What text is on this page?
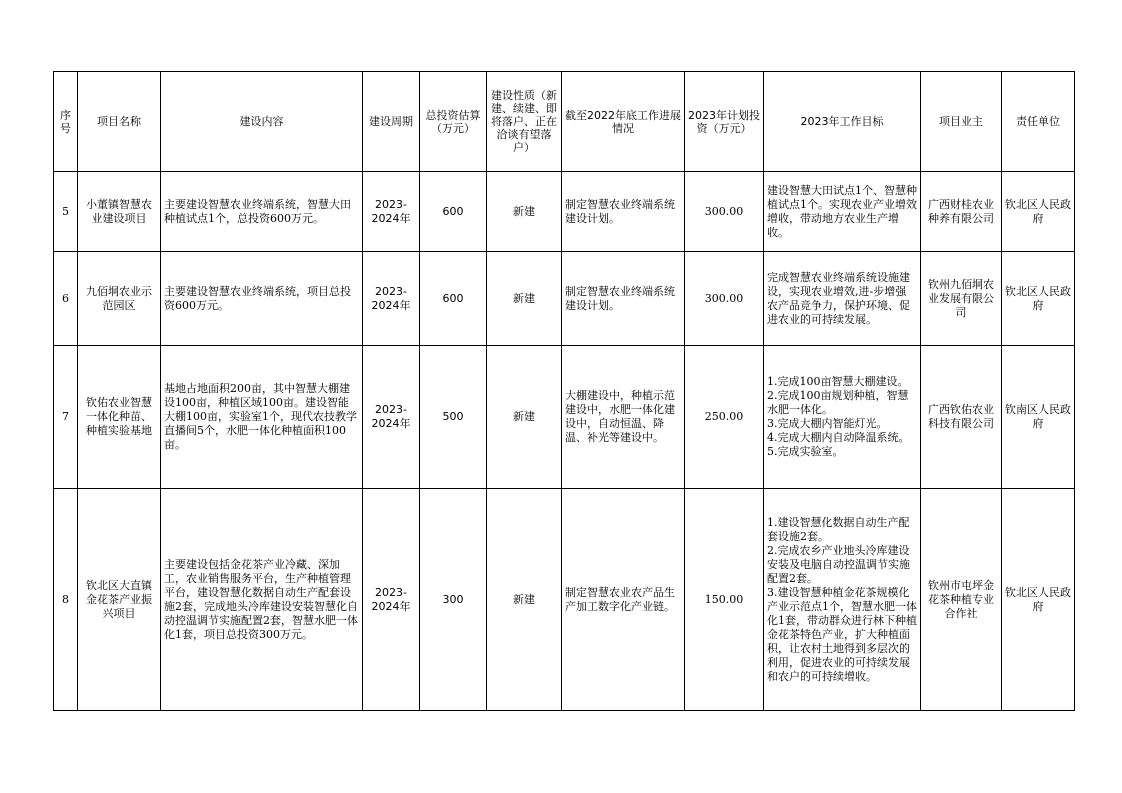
序号	项目名称	建设内容	建设周期	总投资估算（万元）	建设性质（新建、续建、即将落户、正在洽谈有望落户）	截至2022年底工作进展情况	2023年计划投资（万元）	2023年工作目标	项目业主	责任单位
5	小董镇智慧农业建设项目	主要建设智慧农业终端系统，智慧大田种植试点1个，总投资600万元。	2023-2024年	600	新建	制定智慧农业终端系统建设计划。	300.00	建设智慧大田试点1个、智慧种植试点1个。实现农业产业增效增收，带动地方农业生产增收。	广西财桂农业种养有限公司	钦北区人民政府
6	九佰垌农业示范园区	主要建设智慧农业终端系统，项目总投资600万元。	2023-2024年	600	新建	制定智慧农业终端系统建设计划。	300.00	完成智慧农业终端系统设施建设，实现农业增效,进-步增强农产品竞争力，保护环境、促进农业的可持续发展。	钦州九佰垌农业发展有限公司	钦北区人民政府
7	钦佑农业智慧一体化种苗、种植实验基地	基地占地面积200亩，其中智慧大棚建设100亩，种植区域100亩。建设智能大棚100亩，实验室1个，现代农技教学直播间5个，水肥一体化种植面积100亩。	2023-2024年	500	新建	大棚建设中，种植示范建设中，水肥一体化建设中，自动恒温、降温、补光等建设中。	250.00	1.完成100亩智慧大棚建设。
2.完成100亩规划种植，智慧水肥一体化。
3.完成大棚内智能灯光。
4.完成大棚内自动降温系统。
5.完成实验室。	广西钦佑农业科技有限公司	钦南区人民政府
8	钦北区大直镇金花茶产业振兴项目	主要建设包括金花茶产业冷藏、深加工，农业销售服务平台，生产种植管理平台，建设智慧化数据自动生产配套设施2套，完成地头冷库建设安装智慧化自动控温调节实施配置2套，智慧水肥一体化1套，项目总投资300万元。	2023-2024年	300	新建	制定智慧农业农产品生产加工数字化产业链。	150.00	1.建设智慧化数据自动生产配套设施2套。
2.完成农乡产业地头冷库建设安装及电脑自动控温调节实施配置2套。
3.建设智慧种植金花茶规模化产业示范点1个，智慧水肥一体化1套，带动群众进行林下种植金花茶特色产业，扩大种植面积，让农村土地得到多层次的利用，促进农业的可持续发展和农户的可持续增收。	钦州市屯坪金花茶种植专业合作社	钦北区人民政府
